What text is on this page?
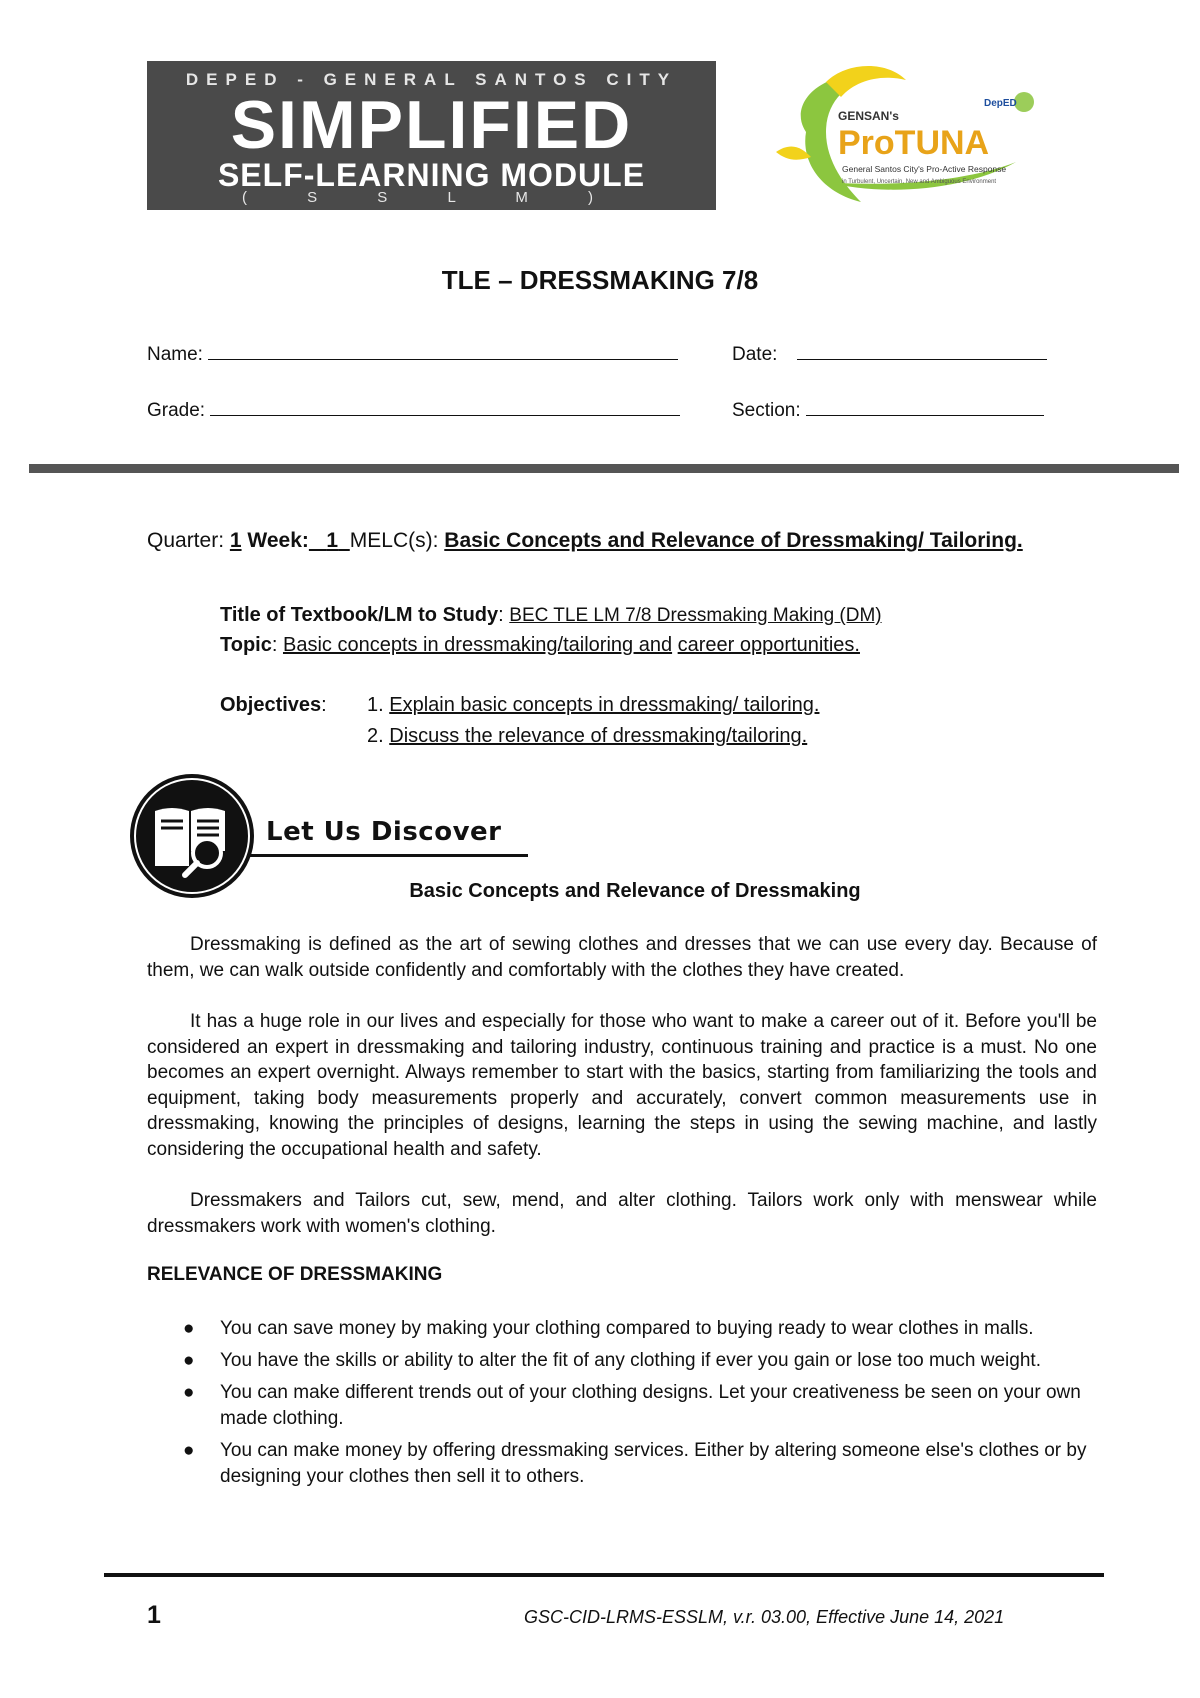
DEPED - GENERAL SANTOS CITY
SIMPLIFIED
SELF-LEARNING MODULE
( S S L M )
GENSAN's
ProTUNA
DepED
General Santos City's Pro-Active Response
in Turbulent, Uncertain, New and Ambiguous Environment
TLE – DRESSMAKING 7/8
Name:	Date:
Grade:	Section:
Quarter: 1 Week: 1 MELC(s): Basic Concepts and Relevance of Dressmaking/ Tailoring.
Title of Textbook/LM to Study: BEC TLE LM 7/8 Dressmaking Making (DM)
Topic: Basic concepts in dressmaking/tailoring and career opportunities.
Objectives: 1. Explain basic concepts in dressmaking/ tailoring.
2. Discuss the relevance of dressmaking/tailoring.
Let Us Discover
Basic Concepts and Relevance of Dressmaking
Dressmaking is defined as the art of sewing clothes and dresses that we can use every day. Because of them, we can walk outside confidently and comfortably with the clothes they have created.
It has a huge role in our lives and especially for those who want to make a career out of it. Before you'll be considered an expert in dressmaking and tailoring industry, continuous training and practice is a must. No one becomes an expert overnight. Always remember to start with the basics, starting from familiarizing the tools and equipment, taking body measurements properly and accurately, convert common measurements use in dressmaking, knowing the principles of designs, learning the steps in using the sewing machine, and lastly considering the occupational health and safety.
Dressmakers and Tailors cut, sew, mend, and alter clothing. Tailors work only with menswear while dressmakers work with women's clothing.
RELEVANCE OF DRESSMAKING
● You can save money by making your clothing compared to buying ready to wear clothes in malls.
● You have the skills or ability to alter the fit of any clothing if ever you gain or lose too much weight.
● You can make different trends out of your clothing designs. Let your creativeness be seen on your own made clothing.
● You can make money by offering dressmaking services. Either by altering someone else's clothes or by designing your clothes then sell it to others.
1	GSC-CID-LRMS-ESSLM, v.r. 03.00, Effective June 14, 2021
